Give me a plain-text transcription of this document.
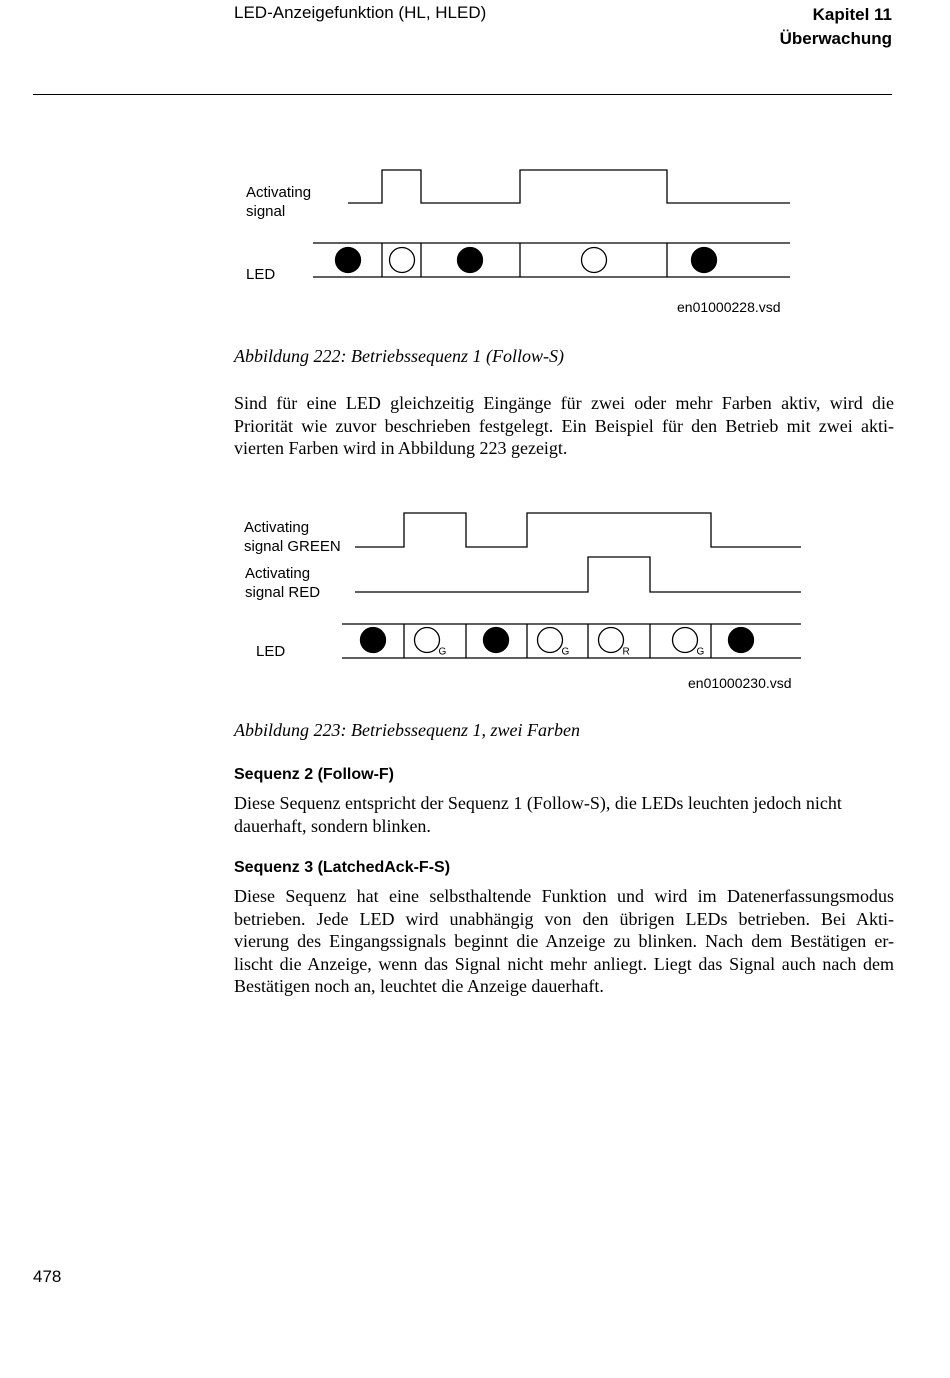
LED-Anzeigefunktion (HL, HLED)	Kapitel 11
Überwachung
Activating
signal
LED
en01000228.vsd
Abbildung 222: Betriebssequenz 1 (Follow-S)
Sind für eine LED gleichzeitig Eingänge für zwei oder mehr Farben aktiv, wird die
Priorität wie zuvor beschrieben festgelegt. Ein Beispiel für den Betrieb mit zwei akti-
vierten Farben wird in Abbildung 223 gezeigt.
Activating
signal GREEN
Activating
signal RED
LED	G	G	R	G
en01000230.vsd
Abbildung 223: Betriebssequenz 1, zwei Farben
Sequenz 2 (Follow-F)
Diese Sequenz entspricht der Sequenz 1 (Follow-S), die LEDs leuchten jedoch nicht
dauerhaft, sondern blinken.
Sequenz 3 (LatchedAck-F-S)
Diese Sequenz hat eine selbsthaltende Funktion und wird im Datenerfassungsmodus
betrieben. Jede LED wird unabhängig von den übrigen LEDs betrieben. Bei Akti-
vierung des Eingangssignals beginnt die Anzeige zu blinken. Nach dem Bestätigen er-
lischt die Anzeige, wenn das Signal nicht mehr anliegt. Liegt das Signal auch nach dem
Bestätigen noch an, leuchtet die Anzeige dauerhaft.
478
